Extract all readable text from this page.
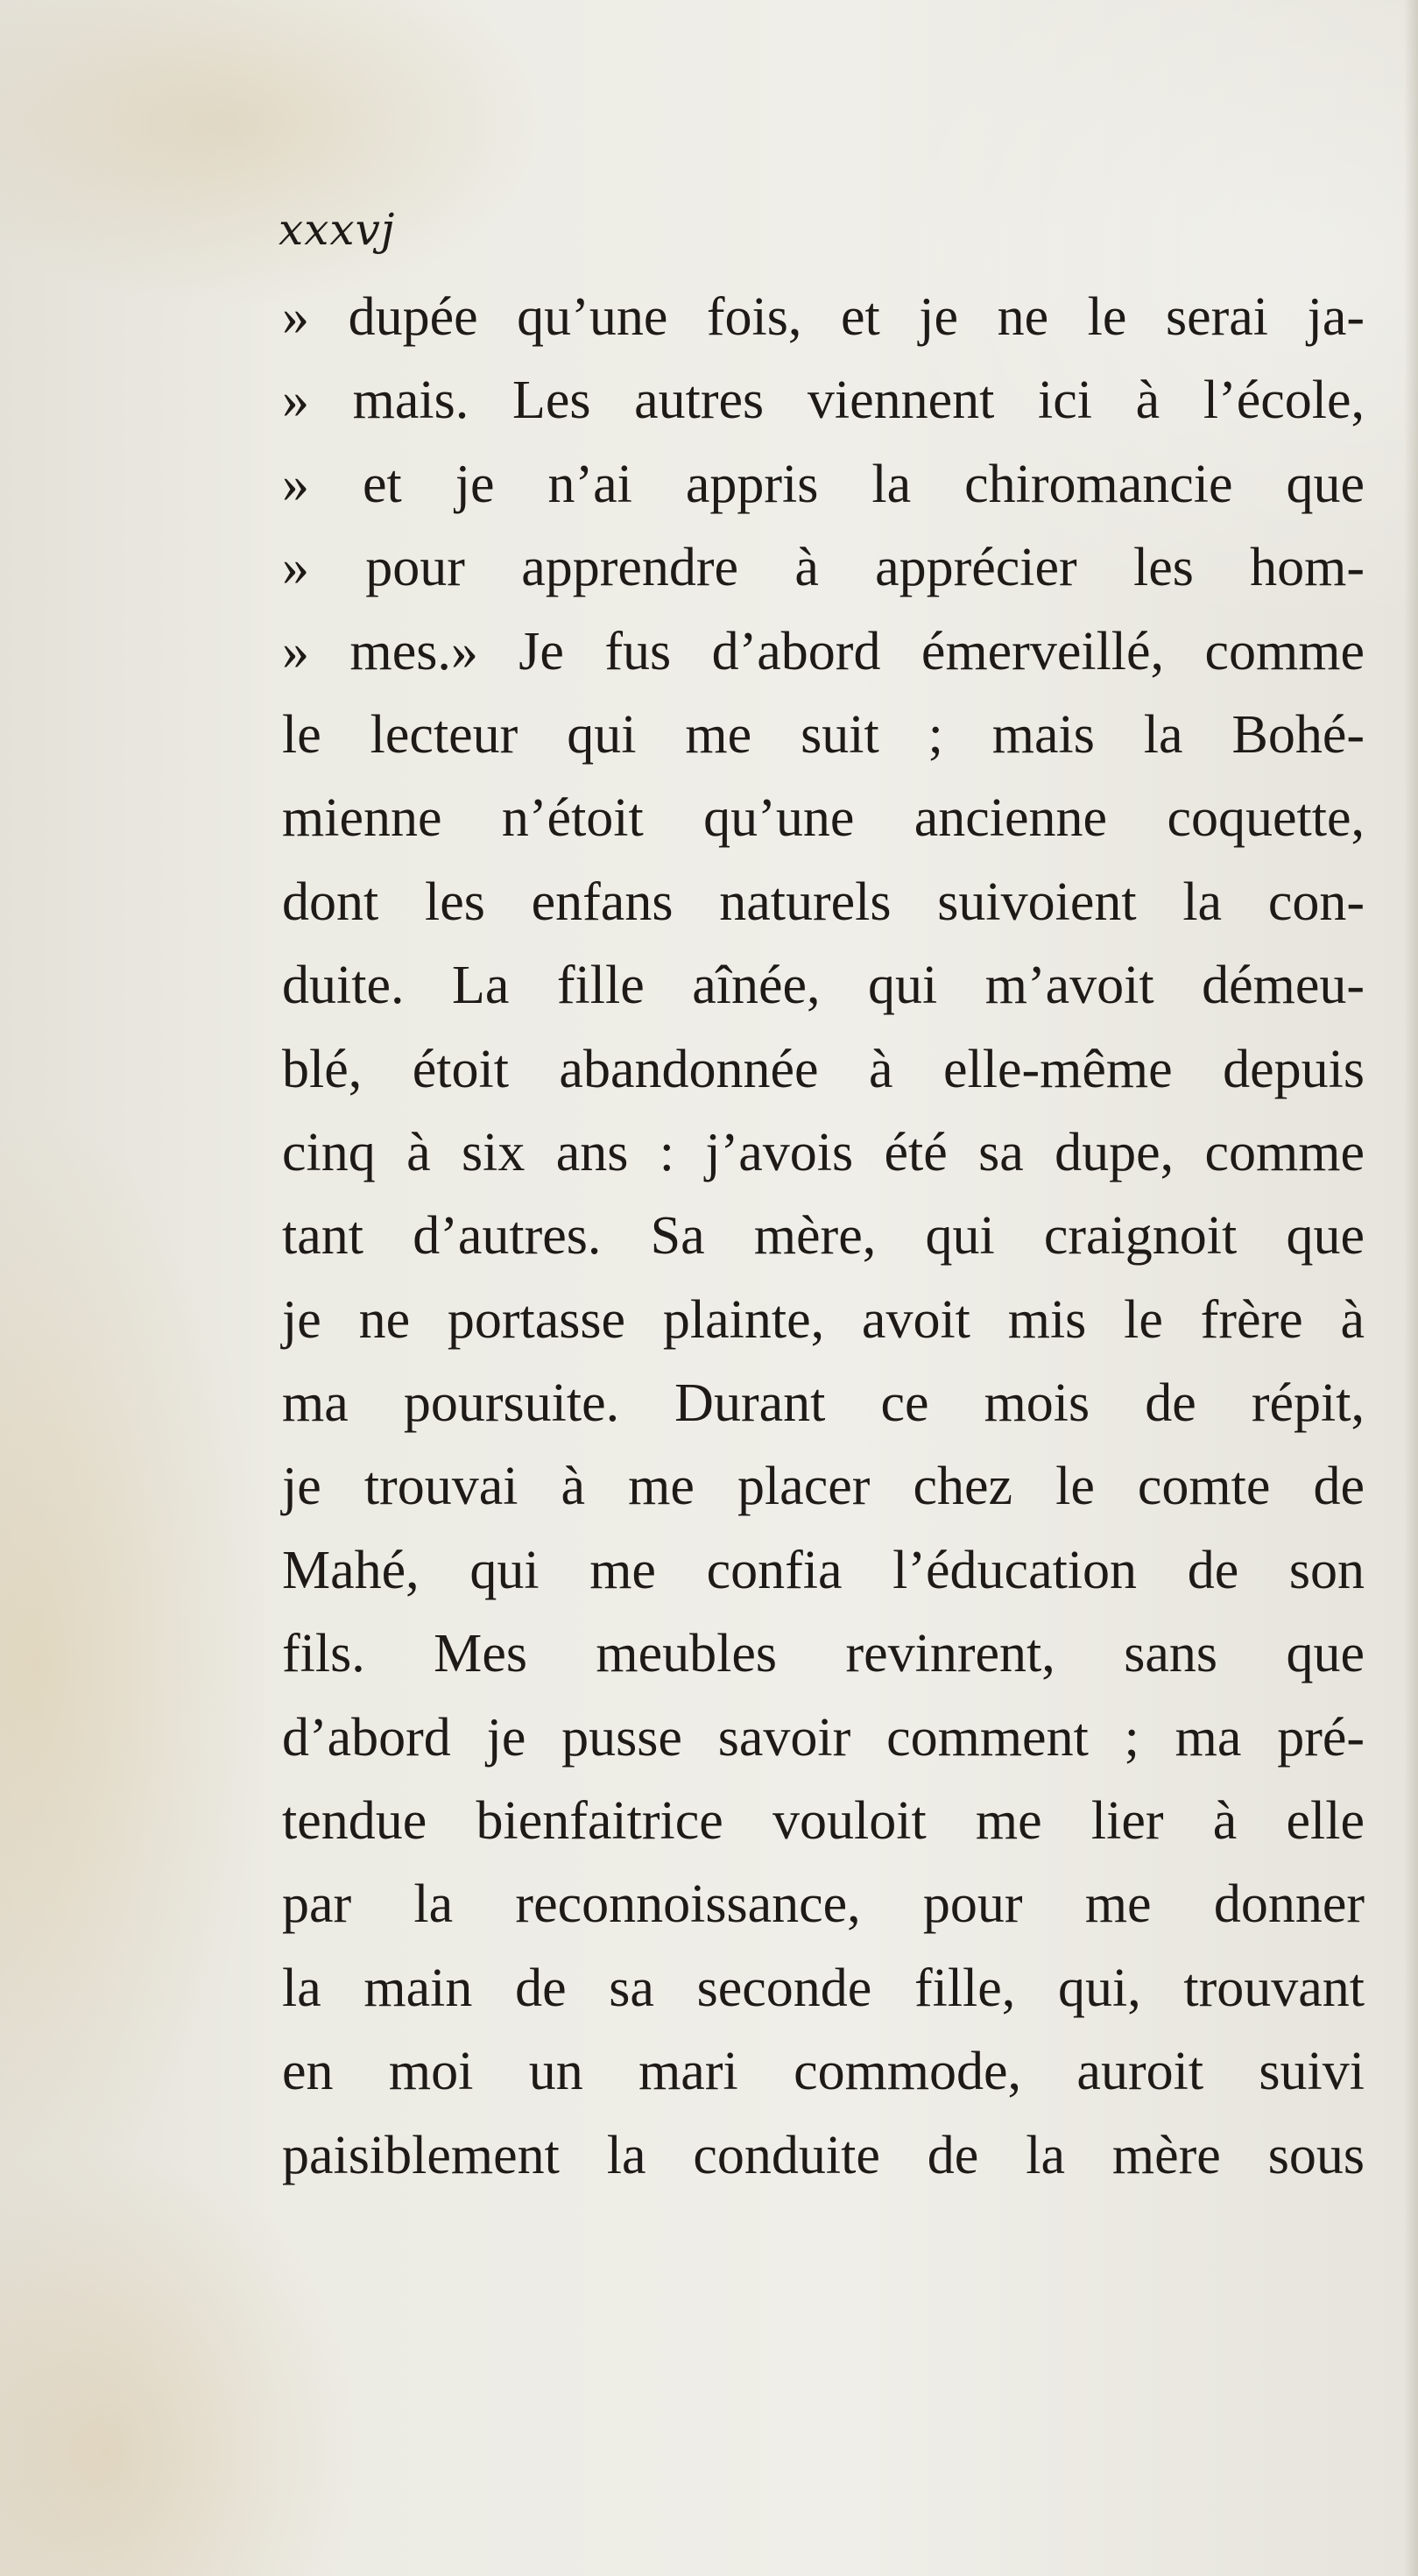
xxxvj
» dupée qu’une fois, et je ne le serai ja-
» mais. Les autres viennent ici à l’école,
» et je n’ai appris la chiromancie que
» pour apprendre à apprécier les hom-
» mes.» Je fus d’abord émerveillé, comme
le lecteur qui me suit ; mais la Bohé-
mienne n’étoit qu’une ancienne coquette,
dont les enfans naturels suivoient la con-
duite. La fille aînée, qui m’avoit démeu-
blé, étoit abandonnée à elle-même depuis
cinq à six ans : j’avois été sa dupe, comme
tant d’autres. Sa mère, qui craignoit que
je ne portasse plainte, avoit mis le frère à
ma poursuite. Durant ce mois de répit,
je trouvai à me placer chez le comte de
Mahé, qui me confia l’éducation de son
fils. Mes meubles revinrent, sans que
d’abord je pusse savoir comment ; ma pré-
tendue bienfaitrice vouloit me lier à elle
par la reconnoissance, pour me donner
la main de sa seconde fille, qui, trouvant
en moi un mari commode, auroit suivi
paisiblement la conduite de la mère sous
